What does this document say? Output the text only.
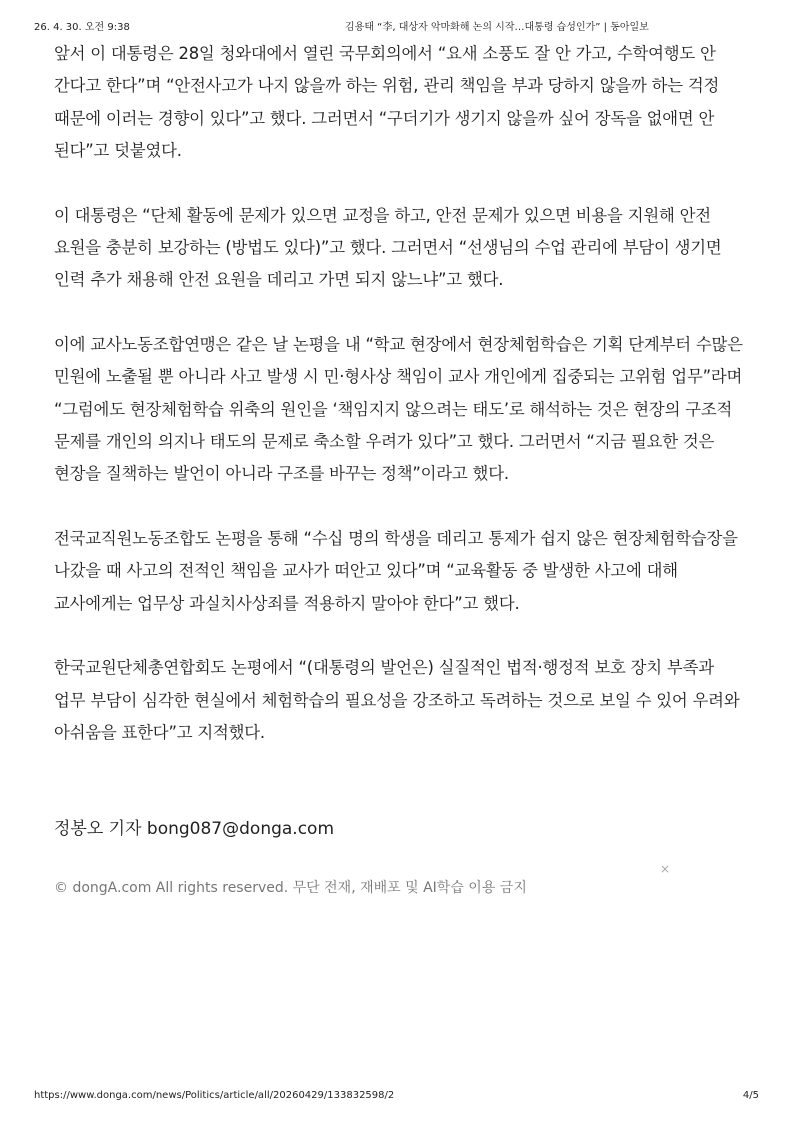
26. 4. 30. 오전 9:38	김용태 “李, 대상자 악마화해 논의 시작…대통령 습성인가” | 동아일보

앞서 이 대통령은 28일 청와대에서 열린 국무회의에서 “요새 소풍도 잘 안 가고, 수학여행도 안 간다고 한다”며 “안전사고가 나지 않을까 하는 위험, 관리 책임을 부과 당하지 않을까 하는 걱정 때문에 이러는 경향이 있다”고 했다. 그러면서 “구더기가 생기지 않을까 싶어 장독을 없애면 안 된다”고 덧붙였다.

이 대통령은 “단체 활동에 문제가 있으면 교정을 하고, 안전 문제가 있으면 비용을 지원해 안전 요원을 충분히 보강하는 (방법도 있다)”고 했다. 그러면서 “선생님의 수업 관리에 부담이 생기면 인력 추가 채용해 안전 요원을 데리고 가면 되지 않느냐”고 했다.

이에 교사노동조합연맹은 같은 날 논평을 내 “학교 현장에서 현장체험학습은 기획 단계부터 수많은 민원에 노출될 뿐 아니라 사고 발생 시 민·형사상 책임이 교사 개인에게 집중되는 고위험 업무”라며 “그럼에도 현장체험학습 위축의 원인을 ‘책임지지 않으려는 태도’로 해석하는 것은 현장의 구조적 문제를 개인의 의지나 태도의 문제로 축소할 우려가 있다”고 했다. 그러면서 “지금 필요한 것은 현장을 질책하는 발언이 아니라 구조를 바꾸는 정책”이라고 했다.

전국교직원노동조합도 논평을 통해 “수십 명의 학생을 데리고 통제가 쉽지 않은 현장체험학습장을 나갔을 때 사고의 전적인 책임을 교사가 떠안고 있다”며 “교육활동 중 발생한 사고에 대해 교사에게는 업무상 과실치사상죄를 적용하지 말아야 한다”고 했다.

한국교원단체총연합회도 논평에서 “(대통령의 발언은) 실질적인 법적·행정적 보호 장치 부족과 업무 부담이 심각한 현실에서 체험학습의 필요성을 강조하고 독려하는 것으로 보일 수 있어 우려와 아쉬움을 표한다”고 지적했다.

정봉오 기자 bong087@donga.com
×
© dongA.com All rights reserved. 무단 전재, 재배포 및 AI학습 이용 금지
https://www.donga.com/news/Politics/article/all/20260429/133832598/2	4/5
